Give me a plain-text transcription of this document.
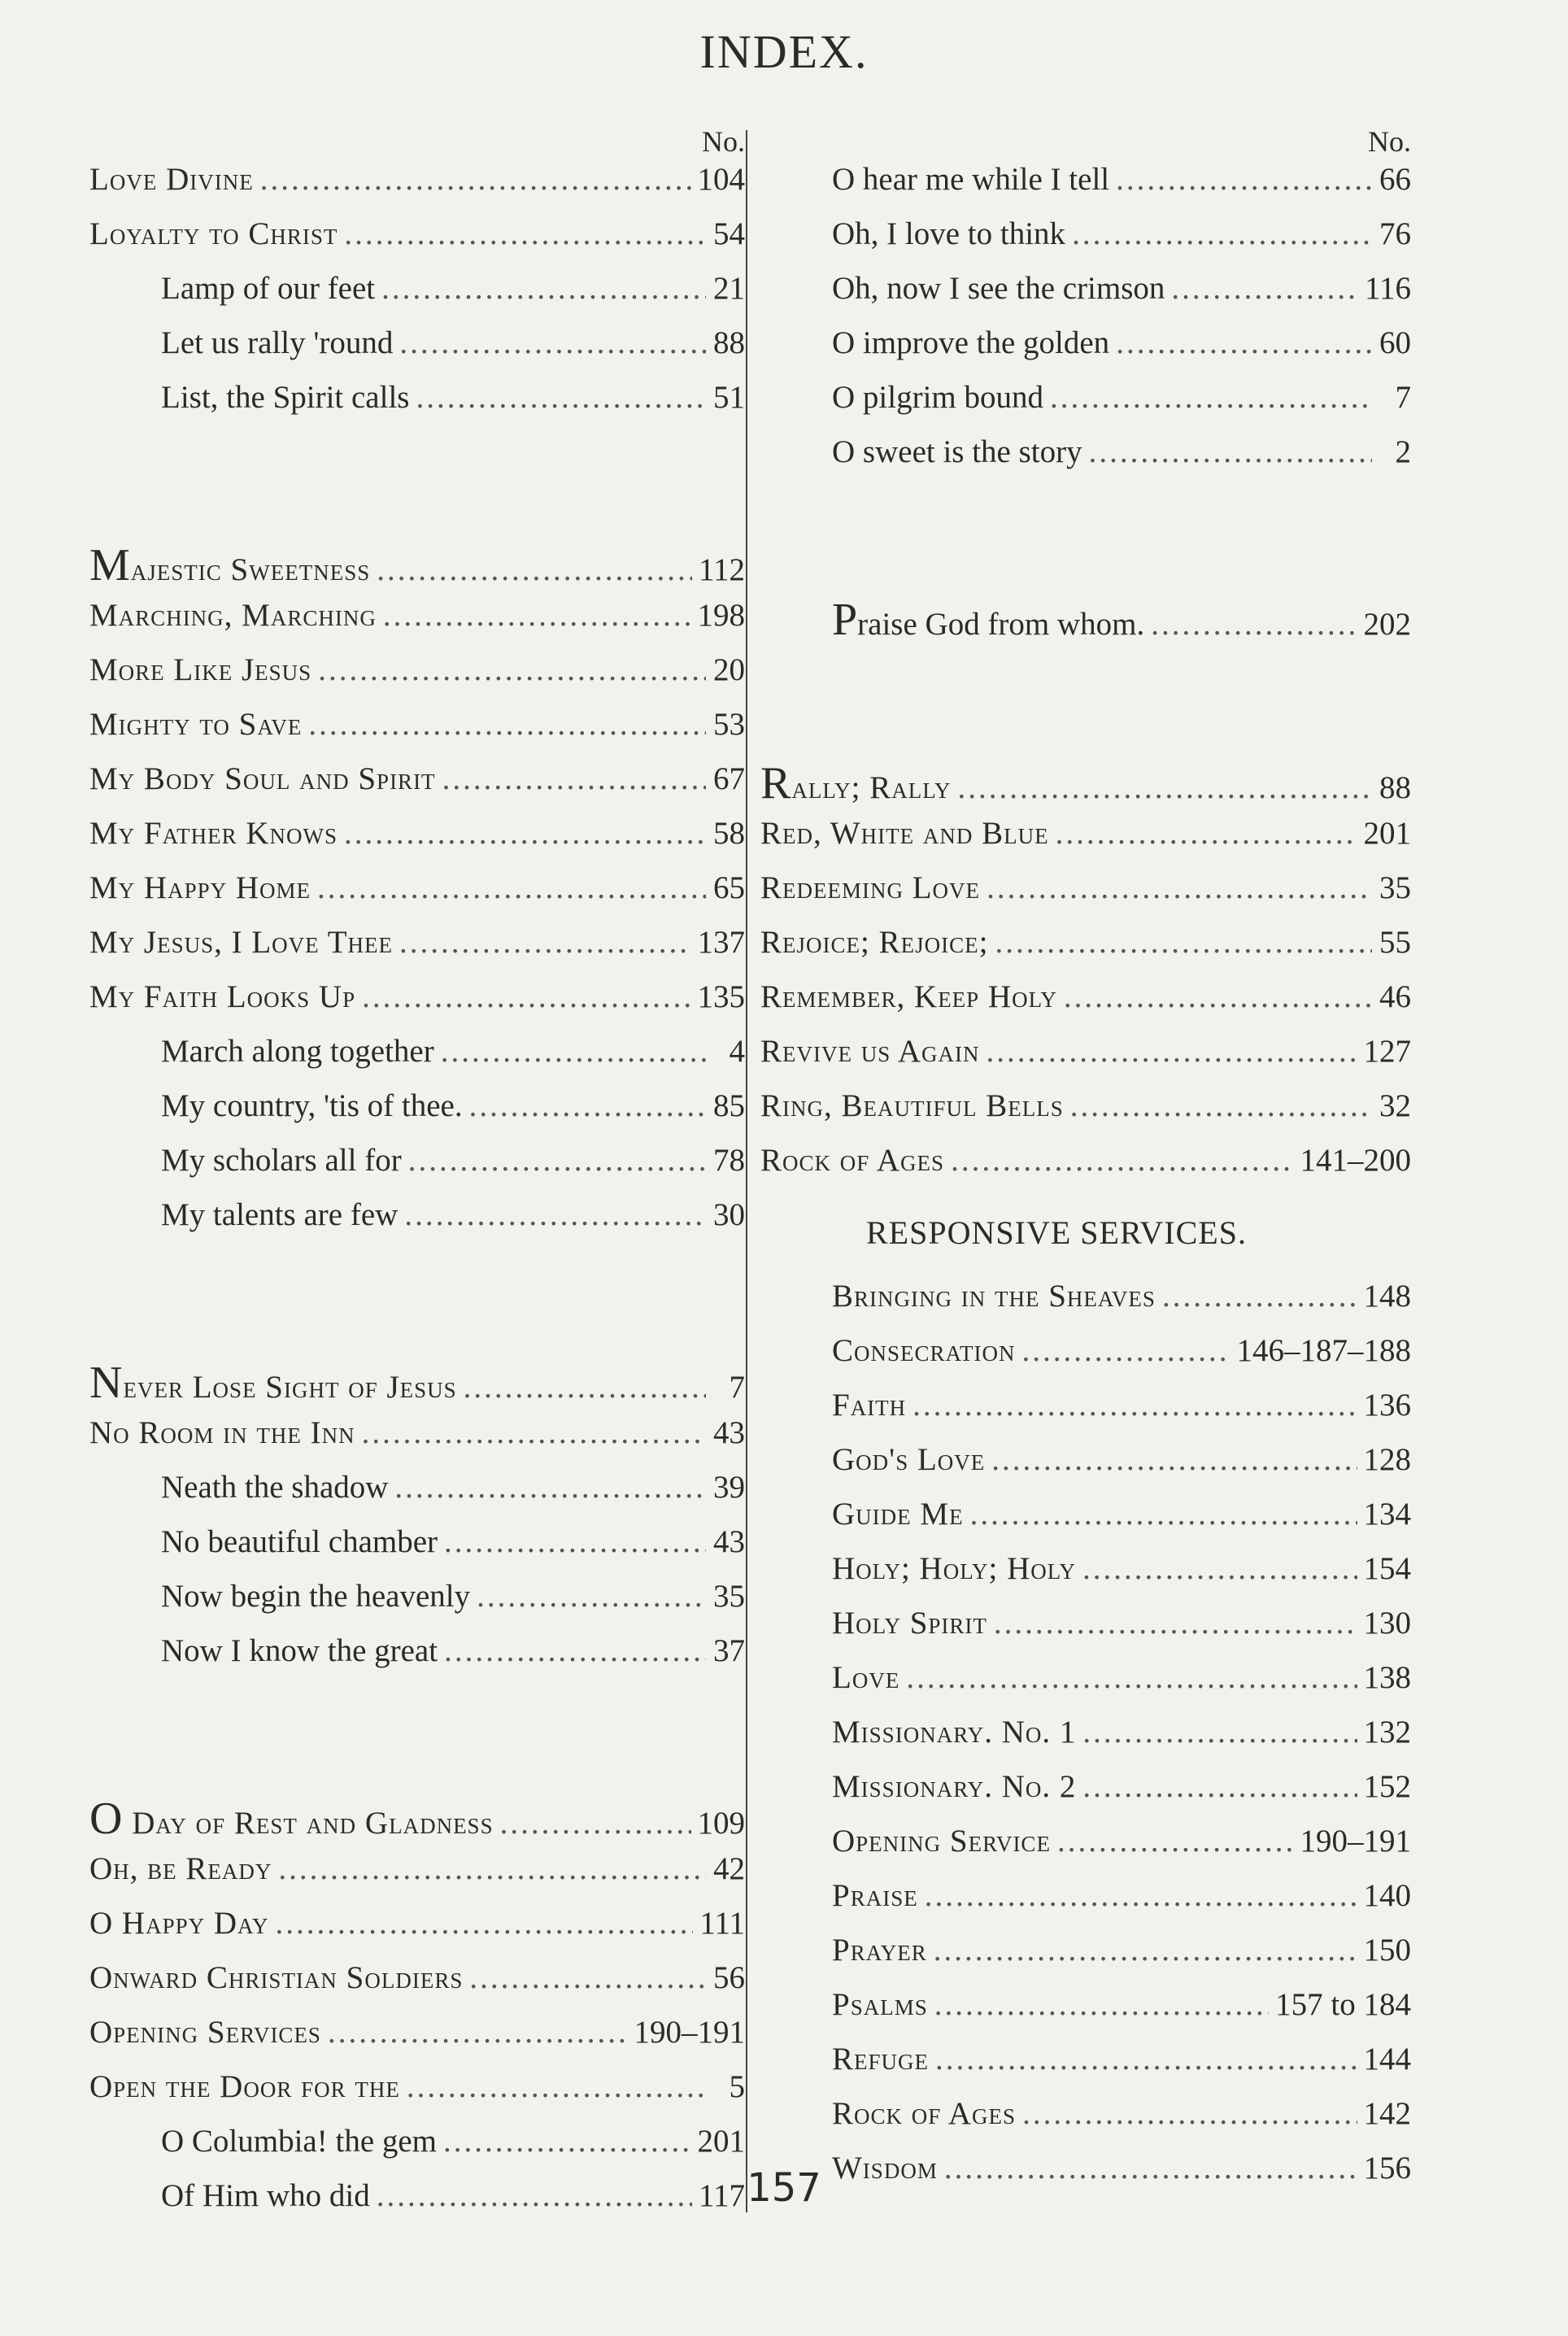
INDEX.
No.
Love Divine .....	104
Loyalty to Christ .....	54
Lamp of our feet .....	21
Let us rally 'round .....	88
List, the Spirit calls .....	51
Majestic Sweetness .....	112
Marching, Marching .....	198
More Like Jesus .....	20
Mighty to Save .....	53
My Body Soul and Spirit .....	67
My Father Knows .....	58
My Happy Home .....	65
My Jesus, I Love Thee .....	137
My Faith Looks Up .....	135
March along together .....	4
My country, 'tis of thee. .....	85
My scholars all for .....	78
My talents are few .....	30
Never Lose Sight of Jesus .....	7
No Room in the Inn .....	43
Neath the shadow .....	39
No beautiful chamber .....	43
Now begin the heavenly .....	35
Now I know the great .....	37
O Day of Rest and Gladness .....	109
Oh, be Ready .....	42
O Happy Day .....	111
Onward Christian Soldiers .....	56
Opening Services .....	190–191
Open the Door for the .....	5
O Columbia! the gem .....	201
Of Him who did .....	117
No.
O hear me while I tell .....	66
Oh, I love to think .....	76
Oh, now I see the crimson .....	116
O improve the golden .....	60
O pilgrim bound .....	7
O sweet is the story .....	2
Praise God from whom. .....	202
Rally; Rally .....	88
Red, White and Blue .....	201
Redeeming Love .....	35
Rejoice; Rejoice; .....	55
Remember, Keep Holy .....	46
Revive us Again .....	127
Ring, Beautiful Bells .....	32
Rock of Ages .....	141–200
RESPONSIVE SERVICES.
Bringing in the Sheaves .....	148
Consecration .....	146–187–188
Faith .....	136
God's Love .....	128
Guide Me .....	134
Holy; Holy; Holy .....	154
Holy Spirit .....	130
Love .....	138
Missionary. No. 1 .....	132
Missionary. No. 2 .....	152
Opening Service .....	190–191
Praise .....	140
Prayer .....	150
Psalms .....	157 to 184
Refuge .....	144
Rock of Ages .....	142
Wisdom .....	156
157
